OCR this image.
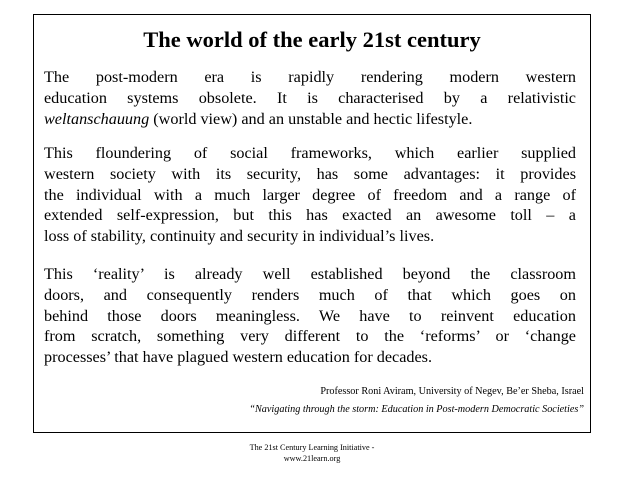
The world of the early 21st century

The post-modern era is rapidly rendering modern western
education systems obsolete. It is characterised by a relativistic
weltanschauung (world view) and an unstable and hectic lifestyle.

This floundering of social frameworks, which earlier supplied
western society with its security, has some advantages: it provides
the individual with a much larger degree of freedom and a range of
extended self-expression, but this has exacted an awesome toll – a
loss of stability, continuity and security in individual’s lives.

This ‘reality’ is already well established beyond the classroom
doors, and consequently renders much of that which goes on
behind those doors meaningless. We have to reinvent education
from scratch, something very different to the ‘reforms’ or ‘change
processes’ that have plagued western education for decades.

Professor Roni Aviram, University of Negev, Be’er Sheba, Israel
“Navigating through the storm: Education in Post-modern Democratic Societies”
The 21st Century Learning Initiative -
www.21learn.org
